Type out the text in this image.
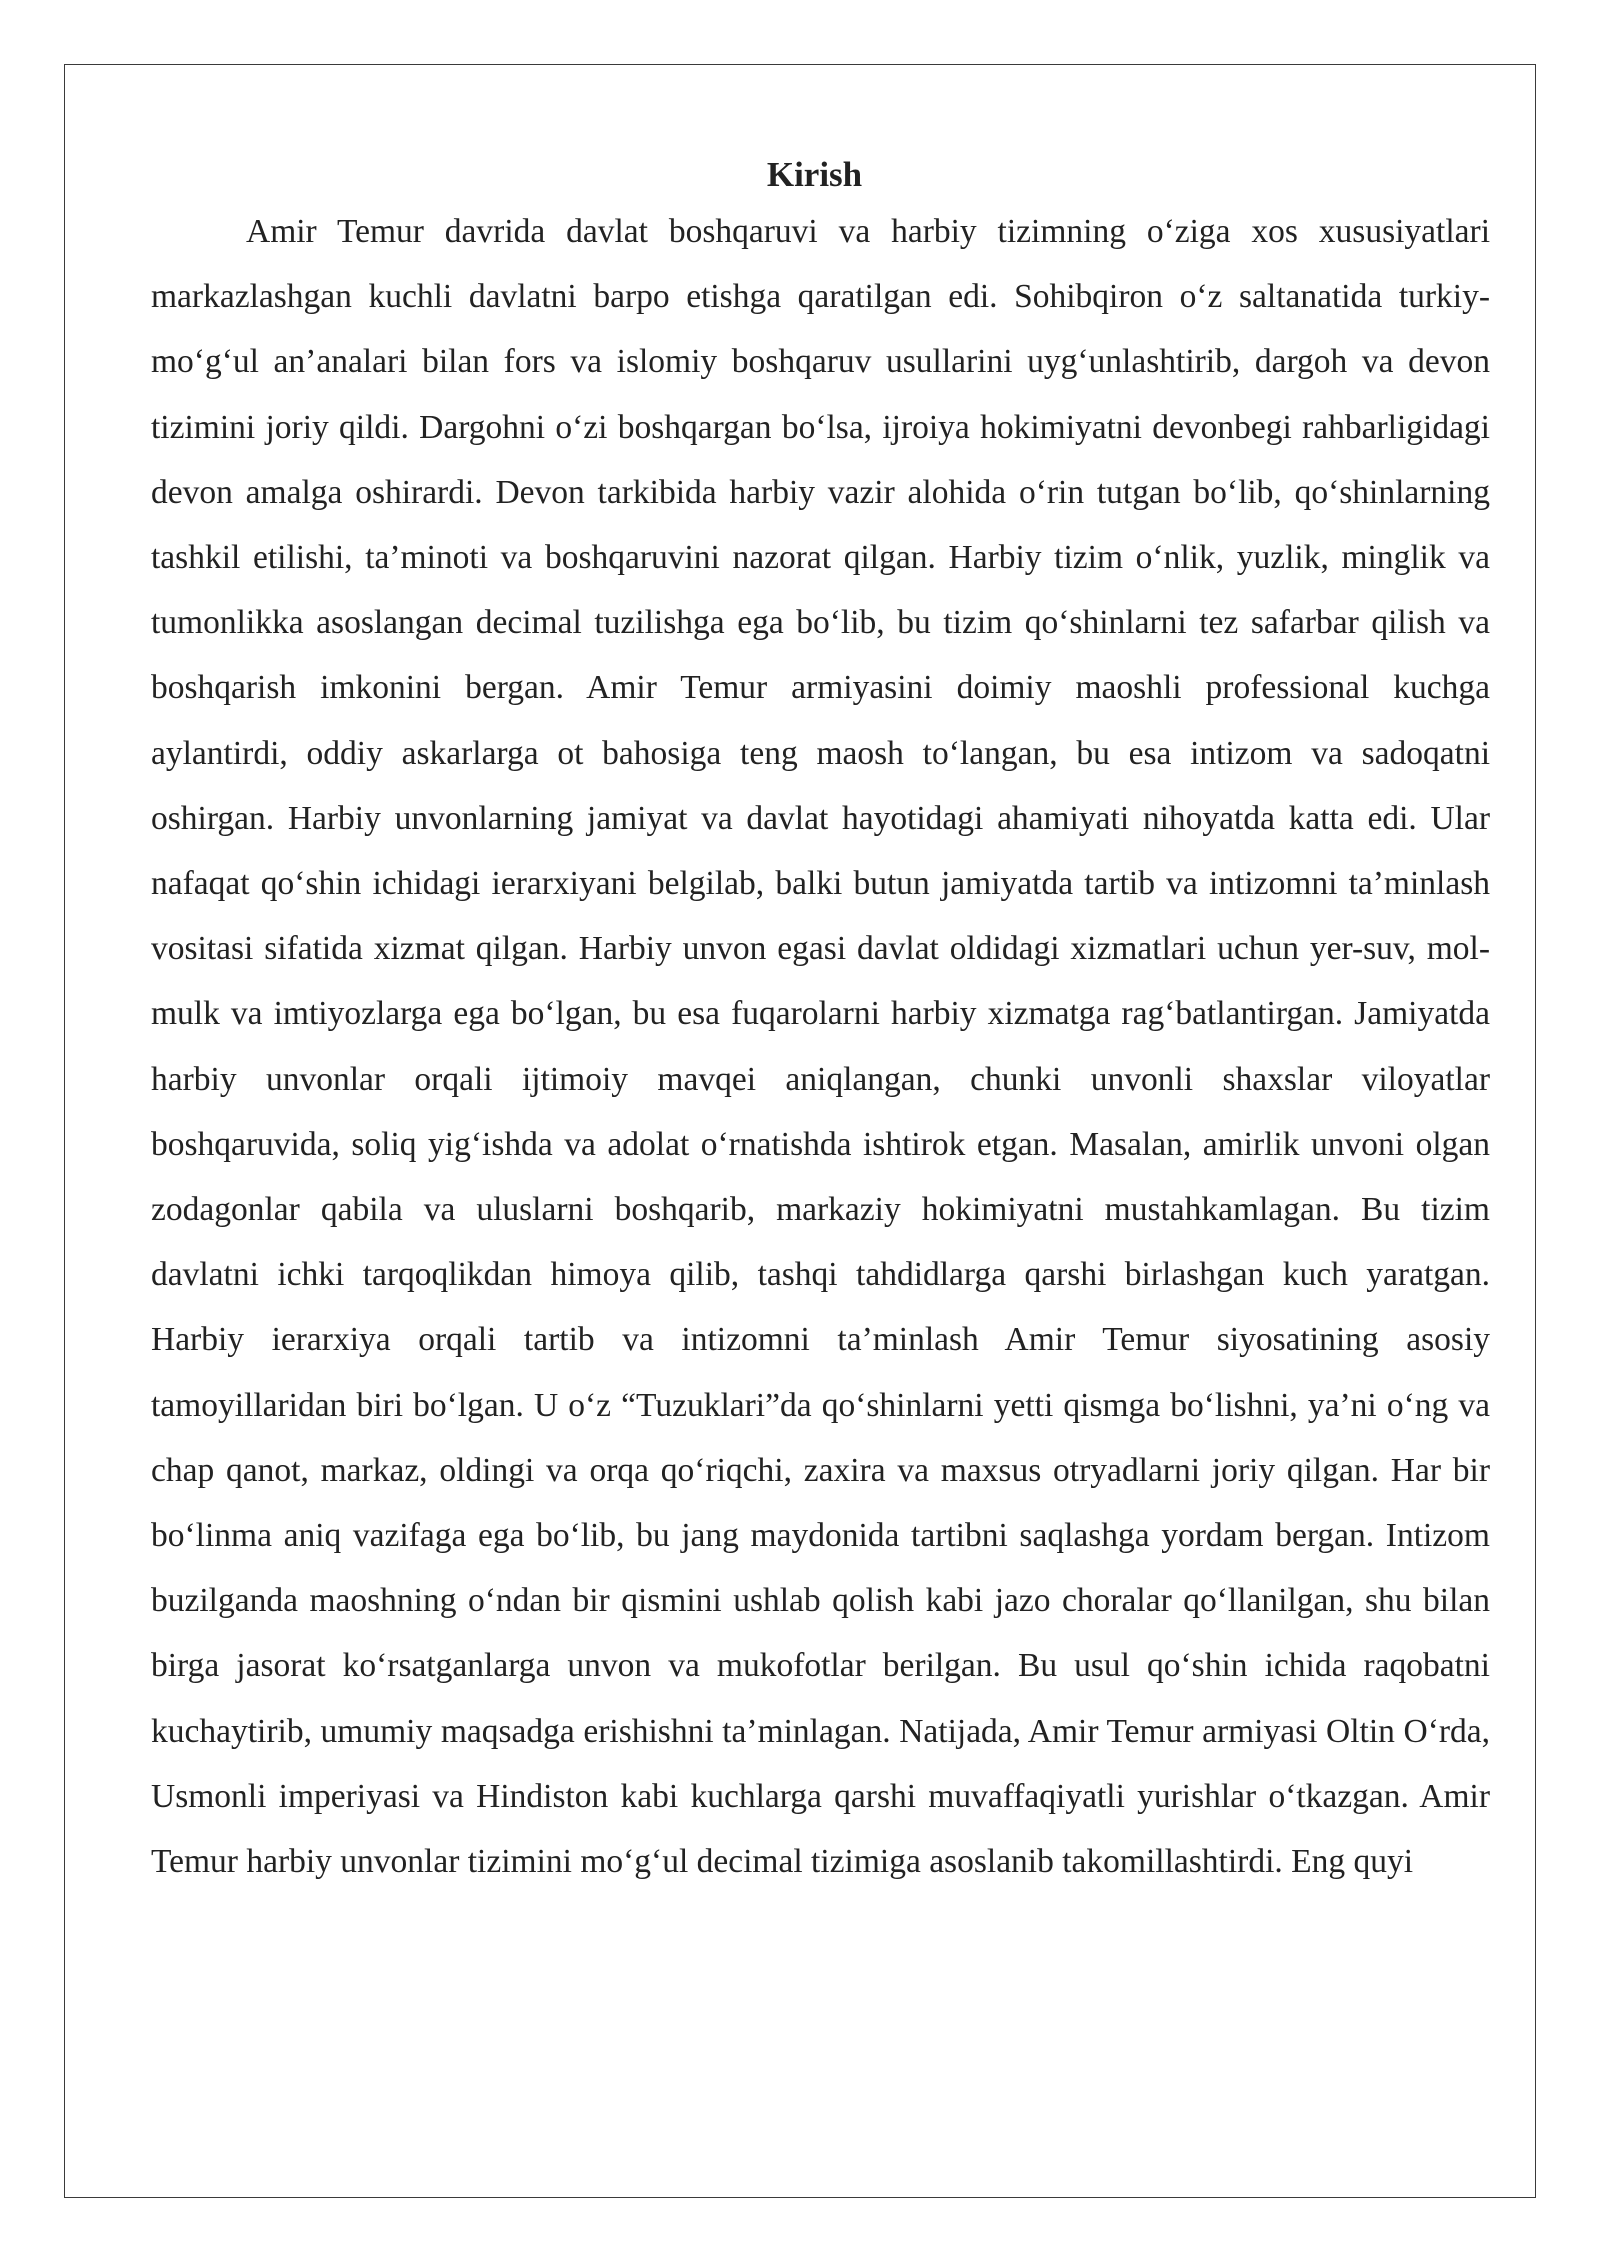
Kirish

Amir Temur davrida davlat boshqaruvi va harbiy tizimning o‘ziga xos xususiyatlari markazlashgan kuchli davlatni barpo etishga qaratilgan edi. Sohibqiron o‘z saltanatida turkiy-mo‘g‘ul an’analari bilan fors va islomiy boshqaruv usullarini uyg‘unlashtirib, dargoh va devon tizimini joriy qildi. Dargohni o‘zi boshqargan bo‘lsa, ijroiya hokimiyatni devonbegi rahbarligidagi devon amalga oshirardi. Devon tarkibida harbiy vazir alohida o‘rin tutgan bo‘lib, qo‘shinlarning tashkil etilishi, ta’minoti va boshqaruvini nazorat qilgan. Harbiy tizim o‘nlik, yuzlik, minglik va tumonlikka asoslangan decimal tuzilishga ega bo‘lib, bu tizim qo‘shinlarni tez safarbar qilish va boshqarish imkonini bergan. Amir Temur armiyasini doimiy maoshli professional kuchga aylantirdi, oddiy askarlarga ot bahosiga teng maosh to‘langan, bu esa intizom va sadoqatni oshirgan. Harbiy unvonlarning jamiyat va davlat hayotidagi ahamiyati nihoyatda katta edi. Ular nafaqat qo‘shin ichidagi ierarxiyani belgilab, balki butun jamiyatda tartib va intizomni ta’minlash vositasi sifatida xizmat qilgan. Harbiy unvon egasi davlat oldidagi xizmatlari uchun yer-suv, mol-mulk va imtiyozlarga ega bo‘lgan, bu esa fuqarolarni harbiy xizmatga rag‘batlantirgan. Jamiyatda harbiy unvonlar orqali ijtimoiy mavqei aniqlangan, chunki unvonli shaxslar viloyatlar boshqaruvida, soliq yig‘ishda va adolat o‘rnatishda ishtirok etgan. Masalan, amirlik unvoni olgan zodagonlar qabila va uluslarni boshqarib, markaziy hokimiyatni mustahkamlagan. Bu tizim davlatni ichki tarqoqlikdan himoya qilib, tashqi tahdidlarga qarshi birlashgan kuch yaratgan. Harbiy ierarxiya orqali tartib va intizomni ta’minlash Amir Temur siyosatining asosiy tamoyillaridan biri bo‘lgan. U o‘z “Tuzuklari”da qo‘shinlarni yetti qismga bo‘lishni, ya’ni o‘ng va chap qanot, markaz, oldingi va orqa qo‘riqchi, zaxira va maxsus otryadlarni joriy qilgan. Har bir bo‘linma aniq vazifaga ega bo‘lib, bu jang maydonida tartibni saqlashga yordam bergan. Intizom buzilganda maoshning o‘ndan bir qismini ushlab qolish kabi jazo choralar qo‘llanilgan, shu bilan birga jasorat ko‘rsatganlarga unvon va mukofotlar berilgan. Bu usul qo‘shin ichida raqobatni kuchaytirib, umumiy maqsadga erishishni ta’minlagan. Natijada, Amir Temur armiyasi Oltin O‘rda, Usmonli imperiyasi va Hindiston kabi kuchlarga qarshi muvaffaqiyatli yurishlar o‘tkazgan. Amir Temur harbiy unvonlar tizimini mo‘g‘ul decimal tizimiga asoslanib takomillashtirdi. Eng quyi
